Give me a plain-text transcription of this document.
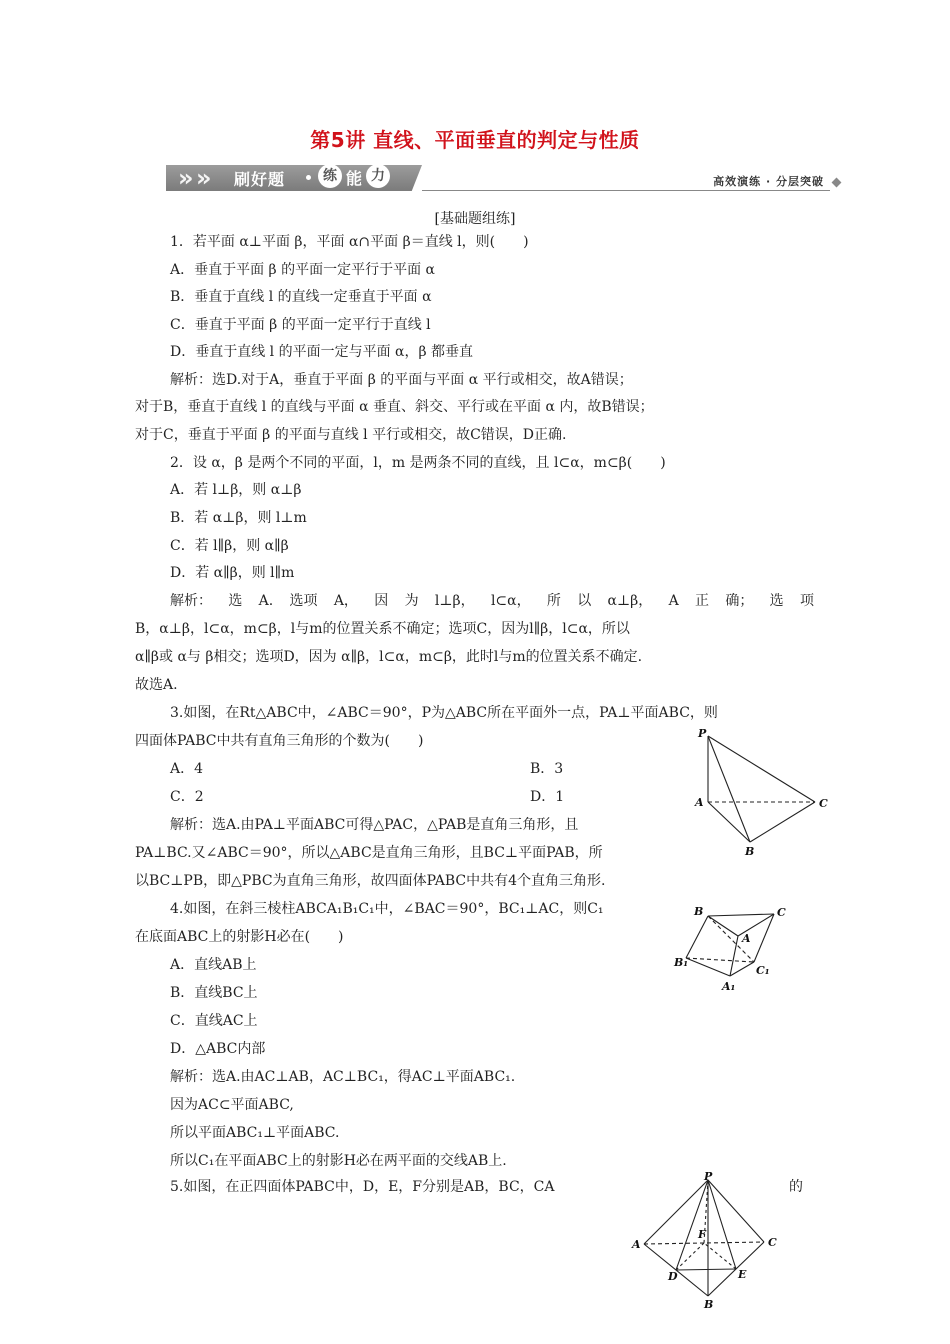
第5讲 直线、平面垂直的判定与性质
» » 刷好题	练 能 力	高效演练 · 分层突破
[基础题组练]
1．若平面 α⊥平面 β，平面 α∩平面 β＝直线 l，则(　　)
A．垂直于平面 β 的平面一定平行于平面 α
B．垂直于直线 l 的直线一定垂直于平面 α
C．垂直于平面 β 的平面一定平行于直线 l
D．垂直于直线 l 的平面一定与平面 α，β 都垂直
解析：选D.对于A，垂直于平面 β 的平面与平面 α 平行或相交，故A错误；
对于B，垂直于直线 l 的直线与平面 α 垂直、斜交、平行或在平面 α 内，故B错误；
对于C，垂直于平面 β 的平面与直线 l 平行或相交，故C错误，D正确.
2．设 α，β 是两个不同的平面，l，m 是两条不同的直线，且 l⊂α，m⊂β(　　)
A．若 l⊥β，则 α⊥β
B．若 α⊥β，则 l⊥m
C．若 l∥β，则 α∥β
D．若 α∥β，则 l∥m
解析： 选 A. 选项 A， 因 为 l⊥β， l⊂α， 所 以 α⊥β， A 正 确； 选 项
B，α⊥β，l⊂α，m⊂β，l与m的位置关系不确定；选项C，因为l∥β，l⊂α，所以
α∥β或 α与 β相交；选项D，因为 α∥β，l⊂α，m⊂β，此时l与m的位置关系不确定.
故选A.
3.如图，在Rt△ABC中，∠ABC＝90°，P为△ABC所在平面外一点，PA⊥平面ABC，则
四面体PABC中共有直角三角形的个数为(　　)
A．4	B．3
C．2	D．1
解析：选A.由PA⊥平面ABC可得△PAC，△PAB是直角三角形，且
PA⊥BC.又∠ABC＝90°，所以△ABC是直角三角形，且BC⊥平面PAB，所
以BC⊥PB，即△PBC为直角三角形，故四面体PABC中共有4个直角三角形.
P
A
B
C
4.如图，在斜三棱柱ABCA₁B₁C₁中，∠BAC＝90°，BC₁⊥AC，则C₁
在底面ABC上的射影H必在(　　)
A．直线AB上
B．直线BC上
C．直线AC上
D．△ABC内部
解析：选A.由AC⊥AB，AC⊥BC₁，得AC⊥平面ABC₁.
因为AC⊂平面ABC,
所以平面ABC₁⊥平面ABC.
所以C₁在平面ABC上的射影H必在两平面的交线AB上.
B	C
A
B₁
C₁
A₁
5.如图，在正四面体PABC中，D，E，F分别是AB，BC，CA	的
P
A	C
F
D	E
B
